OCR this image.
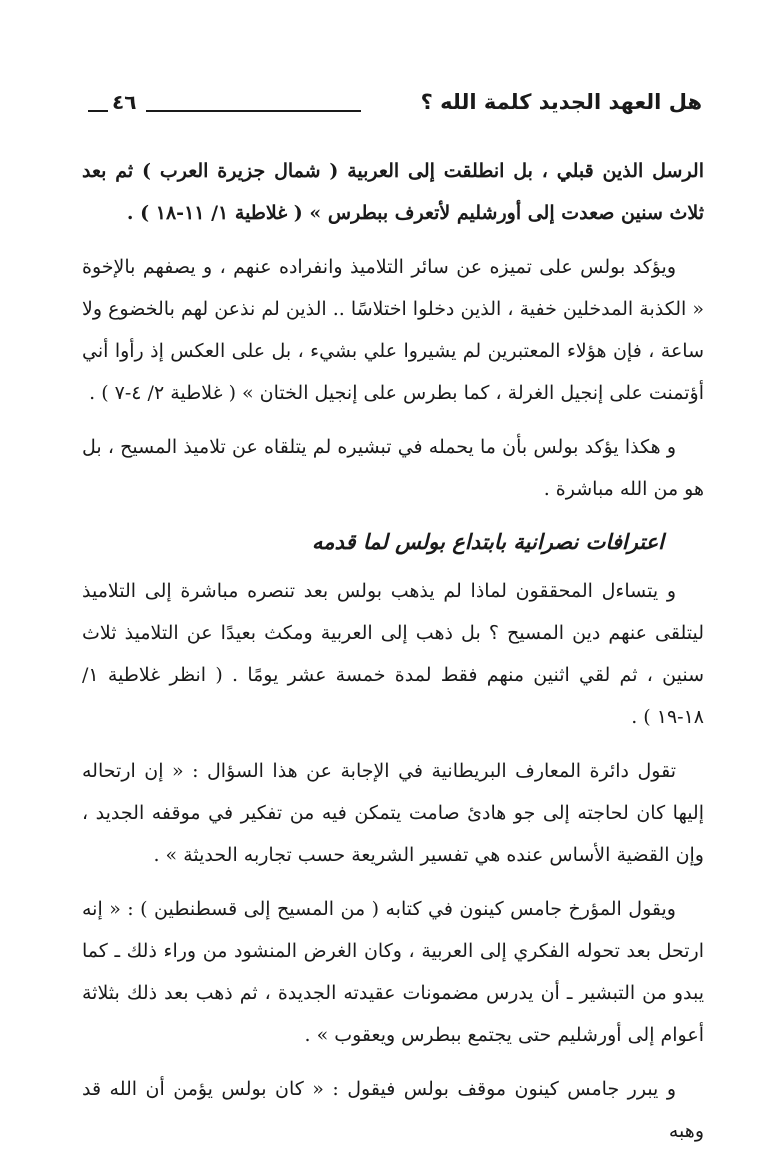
هل العهد الجديد كلمة الله ؟
٤٦

الرسل الذين قبلي ، بل انطلقت إلى العربية ( شمال جزيرة العرب ) ثم بعد ثلاث سنين صعدت إلى أورشليم لأتعرف ببطرس » ( غلاطية ١/ ١١-١٨ ) .

ويؤكد بولس على تميزه عن سائر التلاميذ وانفراده عنهم ، و يصفهم بالإخوة « الكذبة المدخلين خفية ، الذين دخلوا اختلاسًا .. الذين لم نذعن لهم بالخضوع ولا ساعة ، فإن هؤلاء المعتبرين لم يشيروا علي بشيء ، بل على العكس إذ رأوا أني أؤتمنت على إنجيل الغرلة ، كما بطرس على إنجيل الختان » ( غلاطية ٢/ ٤-٧ ) .

و هكذا يؤكد بولس بأن ما يحمله في تبشيره لم يتلقاه عن تلاميذ المسيح ، بل هو من الله مباشرة .

اعترافات نصرانية بابتداع بولس لما قدمه

و يتساءل المحققون لماذا لم يذهب بولس بعد تنصره مباشرة إلى التلاميذ ليتلقى عنهم دين المسيح ؟ بل ذهب إلى العربية ومكث بعيدًا عن التلاميذ ثلاث سنين ، ثم لقي اثنين منهم فقط لمدة خمسة عشر يومًا . ( انظر غلاطية ١/ ١٨-١٩ ) .

تقول دائرة المعارف البريطانية في الإجابة عن هذا السؤال : « إن ارتحاله إليها كان لحاجته إلى جو هادئ صامت يتمكن فيه من تفكير في موقفه الجديد ، وإن القضية الأساس عنده هي تفسير الشريعة حسب تجاربه الحديثة » .

ويقول المؤرخ جامس كينون في كتابه ( من المسيح إلى قسطنطين ) : « إنه ارتحل بعد تحوله الفكري إلى العربية ، وكان الغرض المنشود من وراء ذلك ـ كما يبدو من التبشير ـ أن يدرس مضمونات عقيدته الجديدة ، ثم ذهب بعد ذلك بثلاثة أعوام إلى أورشليم حتى يجتمع ببطرس ويعقوب » .

و يبرر جامس كينون موقف بولس فيقول : « كان بولس يؤمن أن الله قد وهبه
